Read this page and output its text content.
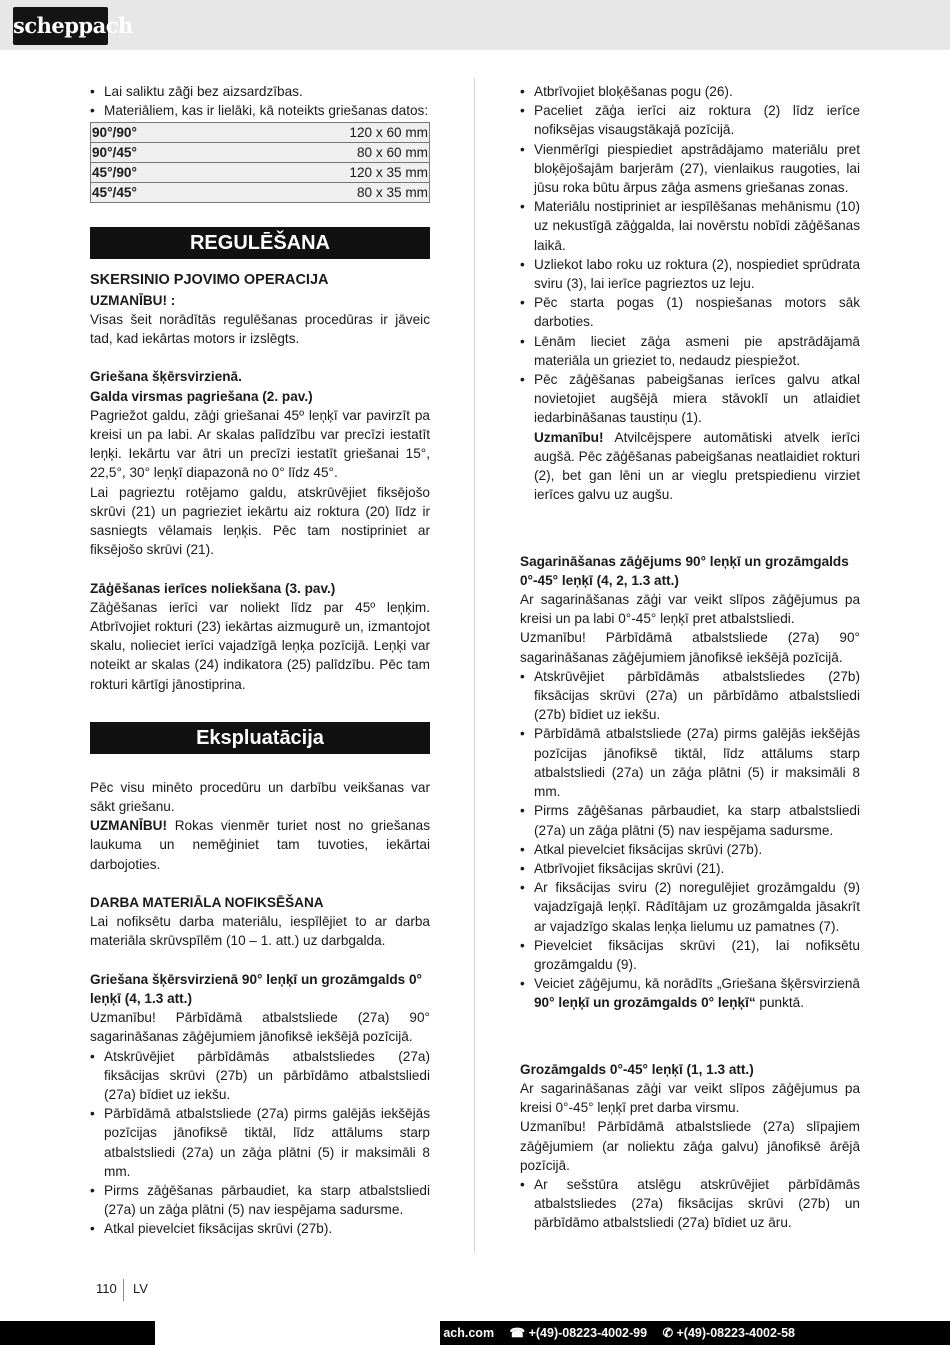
scheppach
• Lai saliktu zāği bez aizsardzības.
• Materiāliem, kas ir lielāki, kā noteikts griešanas datos:
90°/90°	120 x 60 mm
90°/45°	80 x 60 mm
45°/90°	120 x 35 mm
45°/45°	80 x 35 mm
REGULĒŠANA

SKERSINIO PJOVIMO OPERACIJA

UZMANĪBU! :

Visas šeit norādītās regulēšanas procedūras ir jāveic tad, kad iekārtas motors ir izslēgts.

Griešana šķērsvirzienā.

Galda virsmas pagriešana (2. pav.)

Pagriežot galdu, zāģi griešanai 45º leņķī var pavirzīt pa kreisi un pa labi. Ar skalas palīdzību var precīzi iestatīt leņķi. Iekārtu var ātri un precīzi iestatīt griešanai 15°, 22,5°, 30° leņķī diapazonā no 0° līdz 45°.

Lai pagrieztu rotējamo galdu, atskrūvējiet fiksējošo skrūvi (21) un pagrieziet iekārtu aiz roktura (20) līdz ir sasniegts vēlamais leņķis. Pēc tam nostipriniet ar fiksējošo skrūvi (21).

Zāģēšanas ierīces noliekšana (3. pav.)

Zāģēšanas ierīci var noliekt līdz par 45º leņķim. Atbrīvojiet rokturi (23) iekārtas aizmugurē un, izmantojot skalu, nolieciet ierīci vajadzīgā leņķa pozīcijā. Leņķi var noteikt ar skalas (24) indikatora (25) palīdzību. Pēc tam rokturi kārtīgi jānostiprina.

Ekspluatācija

Pēc visu minēto procedūru un darbību veikšanas var sākt griešanu.

UZMANĪBU! Rokas vienmēr turiet nost no griešanas laukuma un nemēģiniet tam tuvoties, iekārtai darbojoties.

DARBA MATERIĀLA NOFIKSĒŠANA

Lai nofiksētu darba materiālu, iespīlējiet to ar darba materiāla skrūvspīlēm (10 – 1. att.) uz darbgalda.

Griešana šķērsvirzienā 90° leņķī un grozāmgalds 0° leņķī (4, 1.3 att.)

Uzmanību! Pārbīdāmā atbalstsliede (27a) 90° sagarināšanas zāģējumiem jānofiksē iekšējā pozīcijā.

• Atskrūvējiet pārbīdāmās atbalstsliedes (27a) fiksācijas skrūvi (27b) un pārbīdāmo atbalstsliedi (27a) bīdiet uz iekšu.
• Pārbīdāmā atbalstsliede (27a) pirms galējās iekšējās pozīcijas jānofiksē tiktāl, līdz attālums starp atbalstsliedi (27a) un zāģa plātni (5) ir maksimāli 8 mm.
• Pirms zāģēšanas pārbaudiet, ka starp atbalstsliedi (27a) un zāģa plātni (5) nav iespējama sadursme.
• Atkal pievelciet fiksācijas skrūvi (27b).
• Atbrīvojiet bloķēšanas pogu (26).
• Paceliet zāģa ierīci aiz roktura (2) līdz ierīce nofiksējas visaugstākajā pozīcijā.
• Vienmērīgi piespiediet apstrādājamo materiālu pret bloķējošajām barjerām (27), vienlaikus raugoties, lai jūsu roka būtu ārpus zāģa asmens griešanas zonas.
• Materiālu nostipriniet ar iespīlēšanas mehānismu (10) uz nekustīgā zāģgalda, lai novērstu nobīdi zāģēšanas laikā.
• Uzliekot labo roku uz roktura (2), nospiediet sprūdrata sviru (3), lai ierīce pagrieztos uz leju.
• Pēc starta pogas (1) nospiešanas motors sāk darboties.
• Lēnām lieciet zāģa asmeni pie apstrādājamā materiāla un grieziet to, nedaudz piespiežot.
• Pēc zāģēšanas pabeigšanas ierīces galvu atkal novietojiet augšējā miera stāvoklī un atlaidiet iedarbināšanas taustiņu (1).

Uzmanību! Atvilcējspere automātiski atvelk ierīci augšā. Pēc zāģēšanas pabeigšanas neatlaidiet rokturi (2), bet gan lēni un ar vieglu pretspiedienu virziet ierīces galvu uz augšu.

Sagarināšanas zāģējums 90° leņķī un grozāmgalds 0°-45° leņķī (4, 2, 1.3 att.)

Ar sagarināšanas zāģi var veikt slīpos zāģējumus pa kreisi un pa labi 0°-45° leņķī pret atbalstsliedi.

Uzmanību! Pārbīdāmā atbalstsliede (27a) 90° sagarināšanas zāģējumiem jānofiksē iekšējā pozīcijā.

• Atskrūvējiet pārbīdāmās atbalstsliedes (27b) fiksācijas skrūvi (27a) un pārbīdāmo atbalstsliedi (27b) bīdiet uz iekšu.
• Pārbīdāmā atbalstsliede (27a) pirms galējās iekšējās pozīcijas jānofiksē tiktāl, līdz attālums starp atbalstsliedi (27a) un zāģa plātni (5) ir maksimāli 8 mm.
• Pirms zāģēšanas pārbaudiet, ka starp atbalstsliedi (27a) un zāģa plātni (5) nav iespējama sadursme.
• Atkal pievelciet fiksācijas skrūvi (27b).
• Atbrīvojiet fiksācijas skrūvi (21).
• Ar fiksācijas sviru (2) noregulējiet grozāmgaldu (9) vajadzīgajā leņķī. Rādītājam uz grozāmgalda jāsakrīt ar vajadzīgo skalas leņķa lielumu uz pamatnes (7).
• Pievelciet fiksācijas skrūvi (21), lai nofiksētu grozāmgaldu (9).
• Veiciet zāģējumu, kā norādīts „Griešana šķērsvirzienā 90° leņķī un grozāmgalds 0° leņķī“ punktā.

Grozāmgalds 0°-45° leņķī (1, 1.3 att.)

Ar sagarināšanas zāģi var veikt slīpos zāģējumus pa kreisi 0°-45° leņķī pret darba virsmu.

Uzmanību! Pārbīdāmā atbalstsliede (27a) slīpajiem zāģējumiem (ar noliektu zāģa galvu) jānofiksē ārējā pozīcijā.

• Ar sešstūra atslēgu atskrūvējiet pārbīdāmās atbalstsliedes (27a) fiksācijas skrūvi (27b) un pārbīdāmo atbalstsliedi (27a) bīdiet uz āru.
110 LV
ach.com ☎ +(49)-08223-4002-99 ✆ +(49)-08223-4002-58
